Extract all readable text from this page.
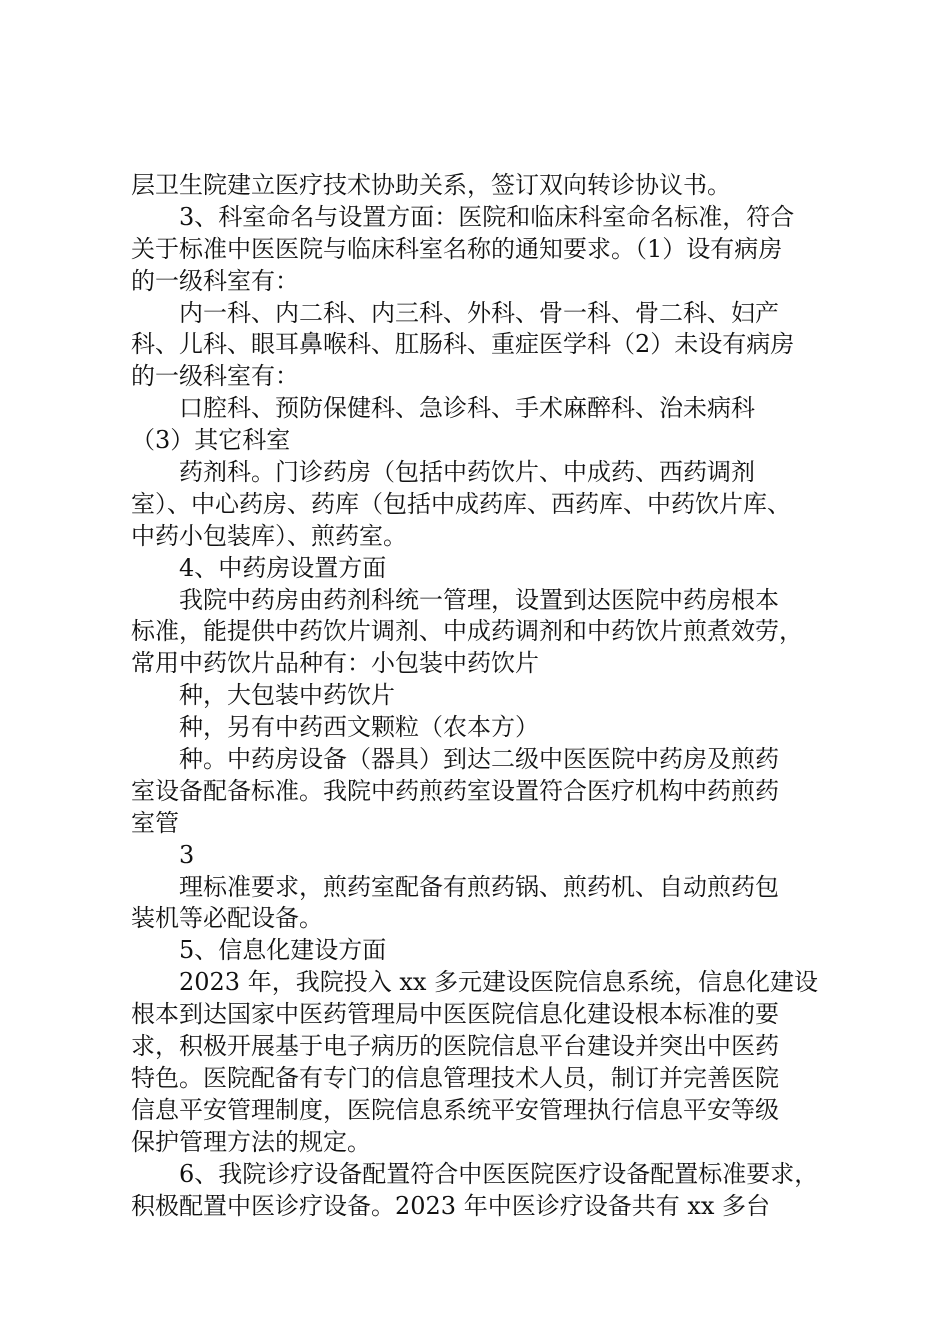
层卫生院建立医疗技术协助关系，签订双向转诊协议书。
3、科室命名与设置方面：医院和临床科室命名标准，符合
关于标准中医医院与临床科室名称的通知要求。（1）设有病房
的一级科室有：
内一科、内二科、内三科、外科、骨一科、骨二科、妇产
科、儿科、眼耳鼻喉科、肛肠科、重症医学科（2）未设有病房
的一级科室有：
口腔科、预防保健科、急诊科、手术麻醉科、治未病科
（3）其它科室
药剂科。门诊药房（包括中药饮片、中成药、西药调剂
室）、中心药房、药库（包括中成药库、西药库、中药饮片库、
中药小包装库）、煎药室。
4、中药房设置方面
我院中药房由药剂科统一管理，设置到达医院中药房根本
标准，能提供中药饮片调剂、中成药调剂和中药饮片煎煮效劳，
常用中药饮片品种有：小包装中药饮片
种，大包装中药饮片
种，另有中药西文颗粒（农本方）
种。中药房设备（器具）到达二级中医医院中药房及煎药
室设备配备标准。我院中药煎药室设置符合医疗机构中药煎药
室管
3
理标准要求，煎药室配备有煎药锅、煎药机、自动煎药包
装机等必配设备。
5、信息化建设方面
2023 年，我院投入 xx 多元建设医院信息系统，信息化建设
根本到达国家中医药管理局中医医院信息化建设根本标准的要
求，积极开展基于电子病历的医院信息平台建设并突出中医药
特色。医院配备有专门的信息管理技术人员，制订并完善医院
信息平安管理制度，医院信息系统平安管理执行信息平安等级
保护管理方法的规定。
6、我院诊疗设备配置符合中医医院医疗设备配置标准要求，
积极配置中医诊疗设备。2023 年中医诊疗设备共有 xx 多台
